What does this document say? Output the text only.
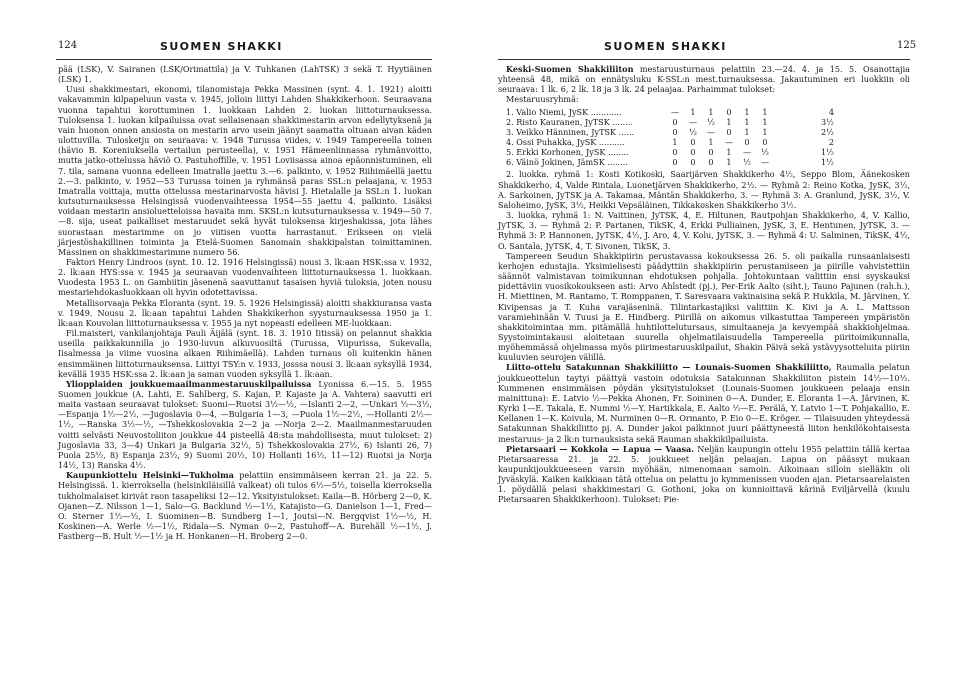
124	SUOMEN SHAKKI

pää (LSK), V. Sairanen (LSK/Orimattila) ja V. Tuhkanen (LahTSK) 3 sekä T. Hyytiäinen (LSK) 1.

Uusi shakkimestari, ekonomi, tilanomistaja Pekka Massinen (synt. 4. 1. 1921) aloitti vakavammin kilpapeluun vasta v. 1945, jolloin liittyi Lahden Shakkikerhoon. Seuraavana vuonna tapahtui korottuminen 1. luokkaan Lahden 2. luokan liittoturnauksessa. Tuloksensa 1. luokan kilpailuissa ovat sellaisenaan shakkimestarin arvon edellytyksenä ja vain huonon onnen ansiosta on mestarin arvo usein jäänyt saamatta oltuaan aivan käden ulottuvilla. Tulosketju on seuraava: v. 1948 Turussa viides, v. 1949 Tampereella toinen (hävio B. Koreniuksella vertailun perusteella), v. 1951 Hämeenlinnassa ryhmänvoitto, mutta jatko-ottelussa häviö O. Pastuhoffille, v. 1951 Loviisassa ainoa epäonnistuminen, eli 7. tila, samana vuonna edelleen Imatralla jaettu 3.—6. palkinto, v. 1952 Riihimäellä jaettu 2.—3. palkinto, v. 1952—53 Turussa toinen ja ryhmänsä paras SSL:n pelaajana, v. 1953 Imatralla voittaja, mutta ottelussa mestarinarvosta hävisi J. Hietalalle ja SSL:n 1. luokan kutsuturnauksessa Helsingissä vuodenvaihteessa 1954—55 jaettu 4. palkinto. Lisäksi voidaan mestarin ansioluetteloissa havaita mm. SKSL:n kutsuturnauksessa v. 1949—50 7.—8. sija, useat paikalliset mestaruudet sekä hyvät tuloksensa kirjeshakissa, jota lähes suorastaan mestarimme on jo viitisen vuotta harrastanut. Erikseen on vielä järjestöshakillinen toiminta ja Etelä-Suomen Sanomain shakkipalstan toimittaminen. Massinen on shakkimestarimme numero 56.

Faktori Henry Lindroos (synt. 10. 12. 1916 Helsingissä) nousi 3. lk:aan HSK:ssa v. 1932, 2. lk:aan HYS:ssa v. 1945 ja seuraavan vuodenvaihteen liittoturnauksessa 1. luokkaan. Vuodesta 1953 L. on Gambiitin jäsenenä saavuttanut tasaisen hyviä tuloksia, joten nousu mestariehdokasluokkaan oli hyvin odotettavissa.

Metallisorvaaja Pekka Eloranta (synt. 19. 5. 1926 Helsingissä) aloitti shakkiuransa vasta v. 1949. Nousu 2. lk:aan tapahtui Lahden Shakkikerhon syysturnauksessa 1950 ja 1. lk:aan Kouvolan liittoturnauksessa v. 1955 ja nyt nopeasti edelleen ME-luokkaan.

Fil.maisteri, vankilanjohtaja Pauli Äijälä (synt. 18. 3. 1910 Iitissä) on pelannut shakkia useilla paikkakunnilla jo 1930-luvun alkuvuosiltä (Turussa, Viipurissa, Sukevalla, Iisalmessa ja viime vuosina alkaen Riihimäellä). Lahden turnaus oli kuitenkin hänen ensimmäinen liittoturnauksensa. Liittyi TSY:n v. 1933, josssa nousi 3. lk:aan syksyllä 1934, kevällä 1935 HSK:ssa 2. lk:aan ja saman vuoden syksyllä 1. lk:aan.

Yliopplaiden joukkuemaailmanmestaruuskilpailuissa Lyonissa 6.—15. 5. 1955 Suomen joukkue (A. Lahti, E. Sahlberg, S. Kajan, P. Kajaste ja A. Vahtera) saavutti eri maita vastaan seuraavat tulokset: Suomi—Ruotsi 3½—½, —Islanti 2—2, —Unkari ½—3½, —Espanja 1½—2½, —Jugoslavia 0—4, —Bulgaria 1—3, —Puola 1½—2½, —Hollanti 2½—1½, —Ranska 3½—½, —Tshekkoslovakia 2—2 ja —Norja 2—2. Maailmanmestaruuden voitti selvästi Neuvostoliiton joukkue 44 pisteellä 48:sta mahdollisesta, muut tulokset: 2) Jugoslavia 33, 3—4) Unkari ja Bulgaria 32½, 5) Tshekkoslovakia 27½, 6) Islanti 26, 7) Puola 25½, 8) Espanja 23½, 9) Suomi 20½, 10) Hollanti 16½, 11—12) Ruotsi ja Norja 14½, 13) Ranska 4½.

Kaupunkiottelu Helsinki—Tukholma pelattiin ensimmäiseen kerran 21. ja 22. 5. Helsingissä. 1. kierroksella (helsinkiläisillä valkeat) oli tulos 6½—5½, toisella kierroksella tukholmalaiset kirivät raon tasapeliksi 12—12. Yksityistulokset: Kaila—B. Hörberg 2—0, K. Ojanen—Z. Nilsson 1—1, Salo—G. Backlund ½—1½, Katajisto—G. Danielson 1—1, Fred—O. Sterner 1½—½, I. Suominen—B. Sundberg 1—1, Joutsi—N. Bergqvist 1½—½, H. Koskinen—A. Werle ½—1½, Ridala—S. Nyman 0—2, Pastuhoff—A. Burehäll ½—1½, J. Fastberg—B. Hult ½—1½ ja H. Honkanen—H. Broberg 2—0.

SUOMEN SHAKKI	125

Keski-Suomen Shakkiliiton mestaruusturnaus pelattiin 23.—24. 4. ja 15. 5. Osanottajia yhteensä 48, mikä on ennätysluku K-SSL:n mest.turnauksessa. Jakautuminen eri luokkiin oli seuraava: 1 lk. 6, 2 lk. 18 ja 3 lk. 24 pelaajaa. Parhaimmat tulokset:

Mestaruusryhmä:

1. Valio Niemi, JySK ............	—	1	1	0	1	1	4
2. Risto Kauranen, JyTSK ........	0	—	½	1	1	1	3½
3. Veikko Hänninen, JyTSK ......	0	½	—	0	1	1	2½
4. Ossi Puhakka, JySK ..........	1	0	1	—	0	0	2
5. Erkki Korhonen, JySK ........	0	0	0	1	—	½	1½
6. Väinö Jokinen, JämSK ........	0	0	0	1	½	—	1½

2. luokka. ryhmä 1: Kosti Kotikoski, Saarijärven Shakkikerho 4½, Seppo Blom, Äänekosken Shakkikerho, 4, Valde Rintala, Luonetjärven Shakkikerho, 2½. — Ryhmä 2: Reino Kotka, JySK, 3½, A. Sarkoinen, JyTSK ja A. Takamaa, Mäntän Shakkikerho, 3. — Ryhmä 3: A. Granlund, JySK, 3½, V. Saloheimo, JySK, 3½, Heikki Vepsäläinen, Tikkakosken Shakkikerho 3½.

3. luokka, ryhmä 1: N. Vaittinen, JyTSK, 4, E. Hiltunen, Rautpohjan Shakkikerho, 4, V. Kallio, JyTSK, 3. — Ryhmä 2: P. Partanen, TikSK, 4, Erkki Pulliainen, JySK, 3, E. Hentunen, JyTSK, 3. — Ryhmä 3: P. Hannonen, JyTSK, 4½, J. Aro, 4, V. Kolu, JyTSK, 3. — Ryhmä 4: U. Salminen, TikSK, 4½, O. Santala, JyTSK, 4, T. Sivonen, TikSK, 3.

Tampereen Seudun Shakkipiirin perustavassa kokouksessa 26. 5. oli paikalla runsaanlaisesti kerhojen edustajia. Yksimielisesti päädyttiin shakkipiirin perustamiseen ja piirille vahvistettiin säännöt valmistavan toimikunnan ehdotuksen pohjalla. Johtokuntaan valittiin ensi syyskauksi pidettäviin vuosikokoukseen asti: Arvo Ahlstedt (pj.), Per-Erik Aalto (siht.), Tauno Pajunen (rah.h.), H. Miettinen, M. Rantamo, T. Romppanen, T. Saresvaara vakinaisina sekä P. Hukkila, M. Järvinen, Y. Kivipensas ja T. Kuha varajäseninä. Tilintarkastajiksi valittiin K. Kivi ja A. L. Mattsson varamiehinään V. Tuusi ja E. Hindberg. Piirillä on aikomus vilkastuttaa Tampereen ympäristön shakkitoimintaa mm. pitämällä huhtilottelutursaus, simultaaneja ja kevyempää shakkiohjelmaa. Syystoimintakausi aloitetaan suurella ohjelmatilaisuudella Tampereella piiritoimikunnalla, myöhemmässä ohjelmassa myös piirimestaruuskilpailut, Shakin Päivä sekä ystävyysotteluita piiriin kuuluvien seurojen välillä.

Liitto-ottelu Satakunnan Shakkiliitto — Lounais-Suomen Shakkiliitto, Raumalla pelatun joukkueottelun taytyi päättyä vastoin odotuksia Satakunnan Shakkiliiton pistein 14½—10½. Kummenen ensimmäisen pöydän yksityistulokset (Lounais-Suomen joukkueen pelaaja ensin mainittuna): E. Latvio ½—Pekka Ahonen, Fr. Soininen 0—A. Dunder, E. Eloranta 1—A. Järvinen, K. Kyrki 1—E. Takala, E. Nummi ½—Y. Hartikkala, E. Aalto ½—E. Perälä, Y. Latvio 1—T. Pohjakallio, E. Kellanen 1—K. Koivula, M. Nurminen 0—R. Ormanto, P. Eio 0—E. Kröger. — Tilaisuuden yhteydessä Satakunnan Shakkiliitto pj. A. Dunder jakoi palkinnot juuri päättyneestä liiton henkilökohtaisesta mestaruus- ja 2 lk:n turnauksista sekä Rauman shakkikilpailuista.

Pietarsaari — Kokkola — Lapua — Vaasa. Neljän kaupungin ottelu 1955 pelattiin tällä kertaa Pietarsaaressa 21. ja 22. 5. joukkueet neljän pelaajan. Lapua on päässyt mukaan kaupunkijoukkueeseen varsin myöhään, nimenomaan samoin. Aikoinaan silloin sielläkin oli Jyväskylä. Kaiken kaikkiaan tätä ottelua on pelattu jo kymmenissen vuoden ajan. Pietarsaarelaisten 1. pöydällä pelasi shakkimestari G. Gothoni, joka on kunnioittavä kärinä Eviljärvellä (kuulu Pietarsaaren Shakkikerhoon). Tulokset: Pie-
